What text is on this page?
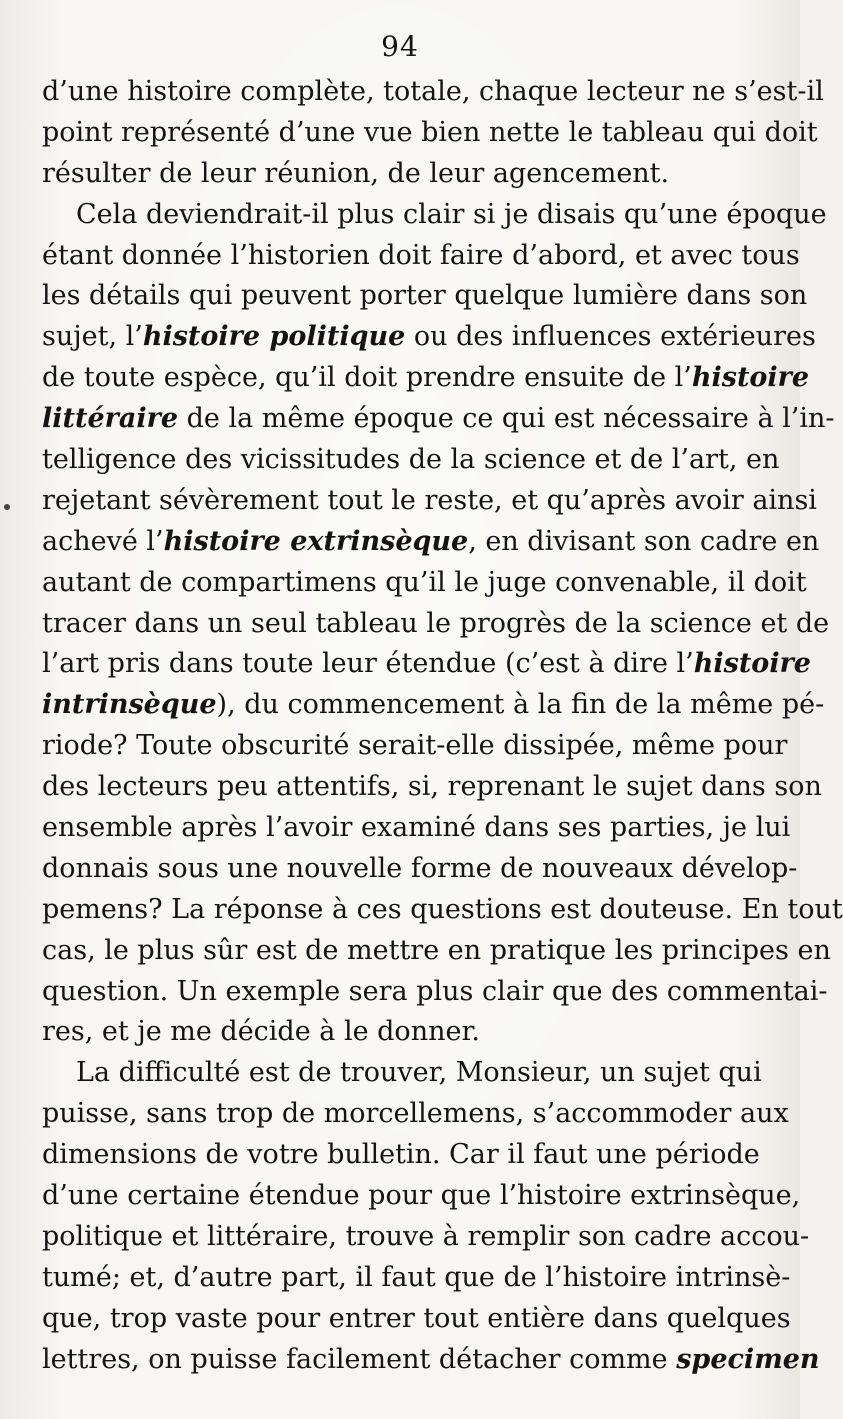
94
d’une histoire complète, totale, chaque lecteur ne s’est-il
point représenté d’une vue bien nette le tableau qui doit
résulter de leur réunion, de leur agencement.
Cela deviendrait-il plus clair si je disais qu’une époque
étant donnée l’historien doit faire d’abord, et avec tous
les détails qui peuvent porter quelque lumière dans son
sujet, l’histoire politique ou des influences extérieures
de toute espèce, qu’il doit prendre ensuite de l’histoire
littéraire de la même époque ce qui est nécessaire à l’in-
telligence des vicissitudes de la science et de l’art, en
rejetant sévèrement tout le reste, et qu’après avoir ainsi
achevé l’histoire extrinsèque, en divisant son cadre en
autant de compartimens qu’il le juge convenable, il doit
tracer dans un seul tableau le progrès de la science et de
l’art pris dans toute leur étendue (c’est à dire l’histoire
intrinsèque), du commencement à la fin de la même pé-
riode? Toute obscurité serait-elle dissipée, même pour
des lecteurs peu attentifs, si, reprenant le sujet dans son
ensemble après l’avoir examiné dans ses parties, je lui
donnais sous une nouvelle forme de nouveaux dévelop-
pemens? La réponse à ces questions est douteuse. En tout
cas, le plus sûr est de mettre en pratique les principes en
question. Un exemple sera plus clair que des commentai-
res, et je me décide à le donner.
La difficulté est de trouver, Monsieur, un sujet qui
puisse, sans trop de morcellemens, s’accommoder aux
dimensions de votre bulletin. Car il faut une période
d’une certaine étendue pour que l’histoire extrinsèque,
politique et littéraire, trouve à remplir son cadre accou-
tumé; et, d’autre part, il faut que de l’histoire intrinsè-
que, trop vaste pour entrer tout entière dans quelques
lettres, on puisse facilement détacher comme specimen
